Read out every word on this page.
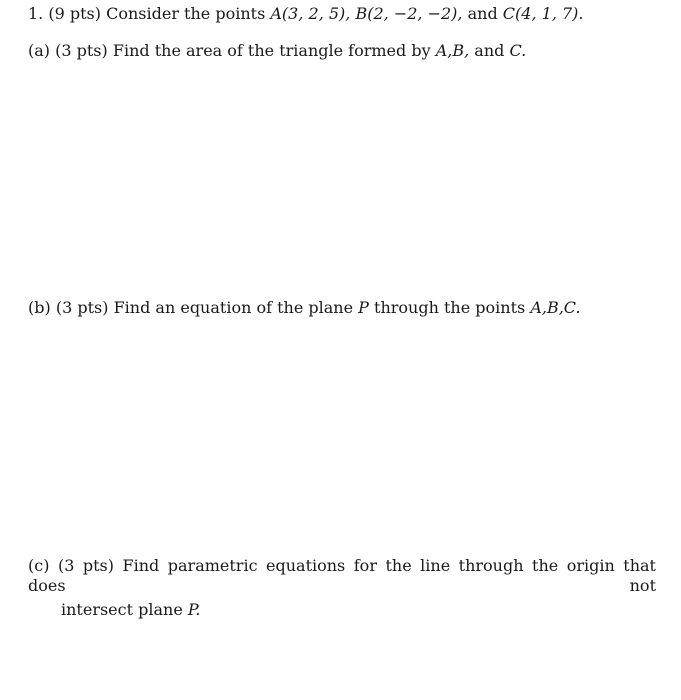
1. (9 pts) Consider the points A(3, 2, 5), B(2, −2, −2), and C(4, 1, 7).
(a) (3 pts) Find the area of the triangle formed by A,B, and C.
(b) (3 pts) Find an equation of the plane P through the points A,B,C.
(c) (3 pts) Find parametric equations for the line through the origin that does not
intersect plane P.
